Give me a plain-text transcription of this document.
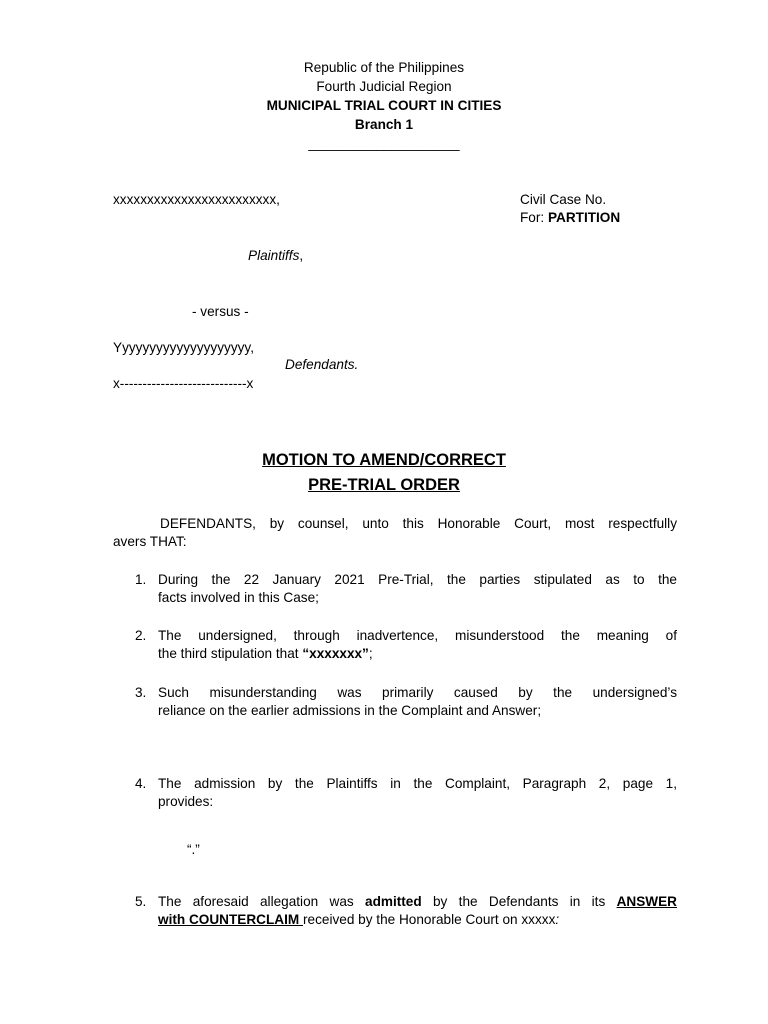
Republic of the Philippines
Fourth Judicial Region
MUNICIPAL TRIAL COURT IN CITIES
Branch 1
____________________
xxxxxxxxxxxxxxxxxxxxxxxx,	Civil Case No.
For: PARTITION
Plaintiffs,
- versus -
Yyyyyyyyyyyyyyyyyyyy,
Defendants.
x----------------------------x
MOTION TO AMEND/CORRECT
PRE-TRIAL ORDER
DEFENDANTS, by counsel, unto this Honorable Court, most respectfully
avers THAT:
1. During the 22 January 2021 Pre-Trial, the parties stipulated as to the
facts involved in this Case;
2. The undersigned, through inadvertence, misunderstood the meaning of
the third stipulation that “xxxxxxx”;
3. Such misunderstanding was primarily caused by the undersigned’s
reliance on the earlier admissions in the Complaint and Answer;
4. The admission by the Plaintiffs in the Complaint, Paragraph 2, page 1,
provides:
“.”
5. The aforesaid allegation was admitted by the Defendants in its ANSWER
with COUNTERCLAIM received by the Honorable Court on xxxxx:
